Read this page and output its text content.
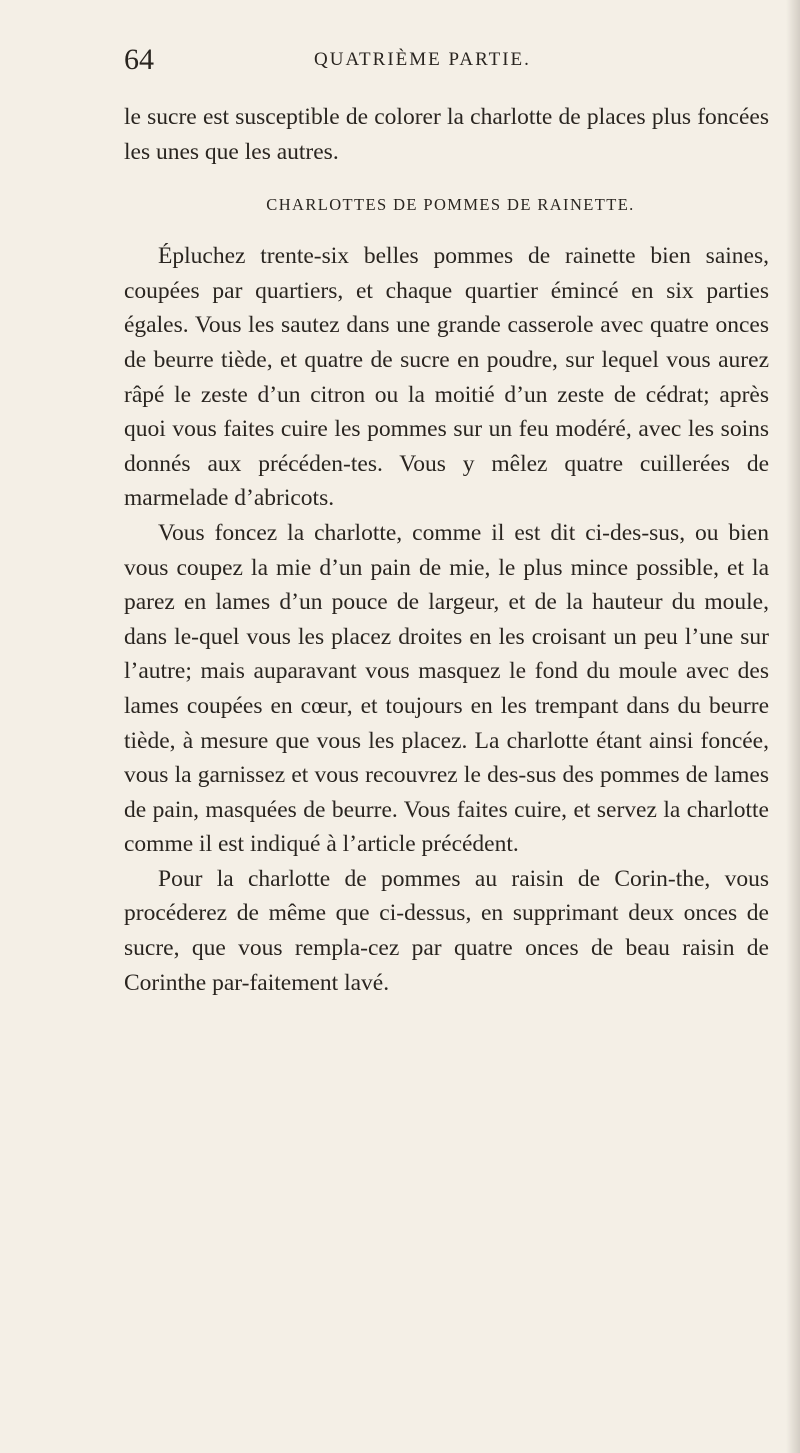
64	QUATRIÈME PARTIE.

le sucre est susceptible de colorer la charlotte de places plus foncées les unes que les autres.

CHARLOTTES DE POMMES DE RAINETTE.

Épluchez trente-six belles pommes de rainette bien saines, coupées par quartiers, et chaque quartier émincé en six parties égales. Vous les sautez dans une grande casserole avec quatre onces de beurre tiède, et quatre de sucre en poudre, sur lequel vous aurez râpé le zeste d’un citron ou la moitié d’un zeste de cédrat; après quoi vous faites cuire les pommes sur un feu modéré, avec les soins donnés aux précéden-tes. Vous y mêlez quatre cuillerées de marmelade d’abricots.

Vous foncez la charlotte, comme il est dit ci-des-sus, ou bien vous coupez la mie d’un pain de mie, le plus mince possible, et la parez en lames d’un pouce de largeur, et de la hauteur du moule, dans le-quel vous les placez droites en les croisant un peu l’une sur l’autre; mais auparavant vous masquez le fond du moule avec des lames coupées en cœur, et toujours en les trempant dans du beurre tiède, à mesure que vous les placez. La charlotte étant ainsi foncée, vous la garnissez et vous recouvrez le des-sus des pommes de lames de pain, masquées de beurre. Vous faites cuire, et servez la charlotte comme il est indiqué à l’article précédent.

Pour la charlotte de pommes au raisin de Corin-the, vous procéderez de même que ci-dessus, en supprimant deux onces de sucre, que vous rempla-cez par quatre onces de beau raisin de Corinthe par-faitement lavé.
